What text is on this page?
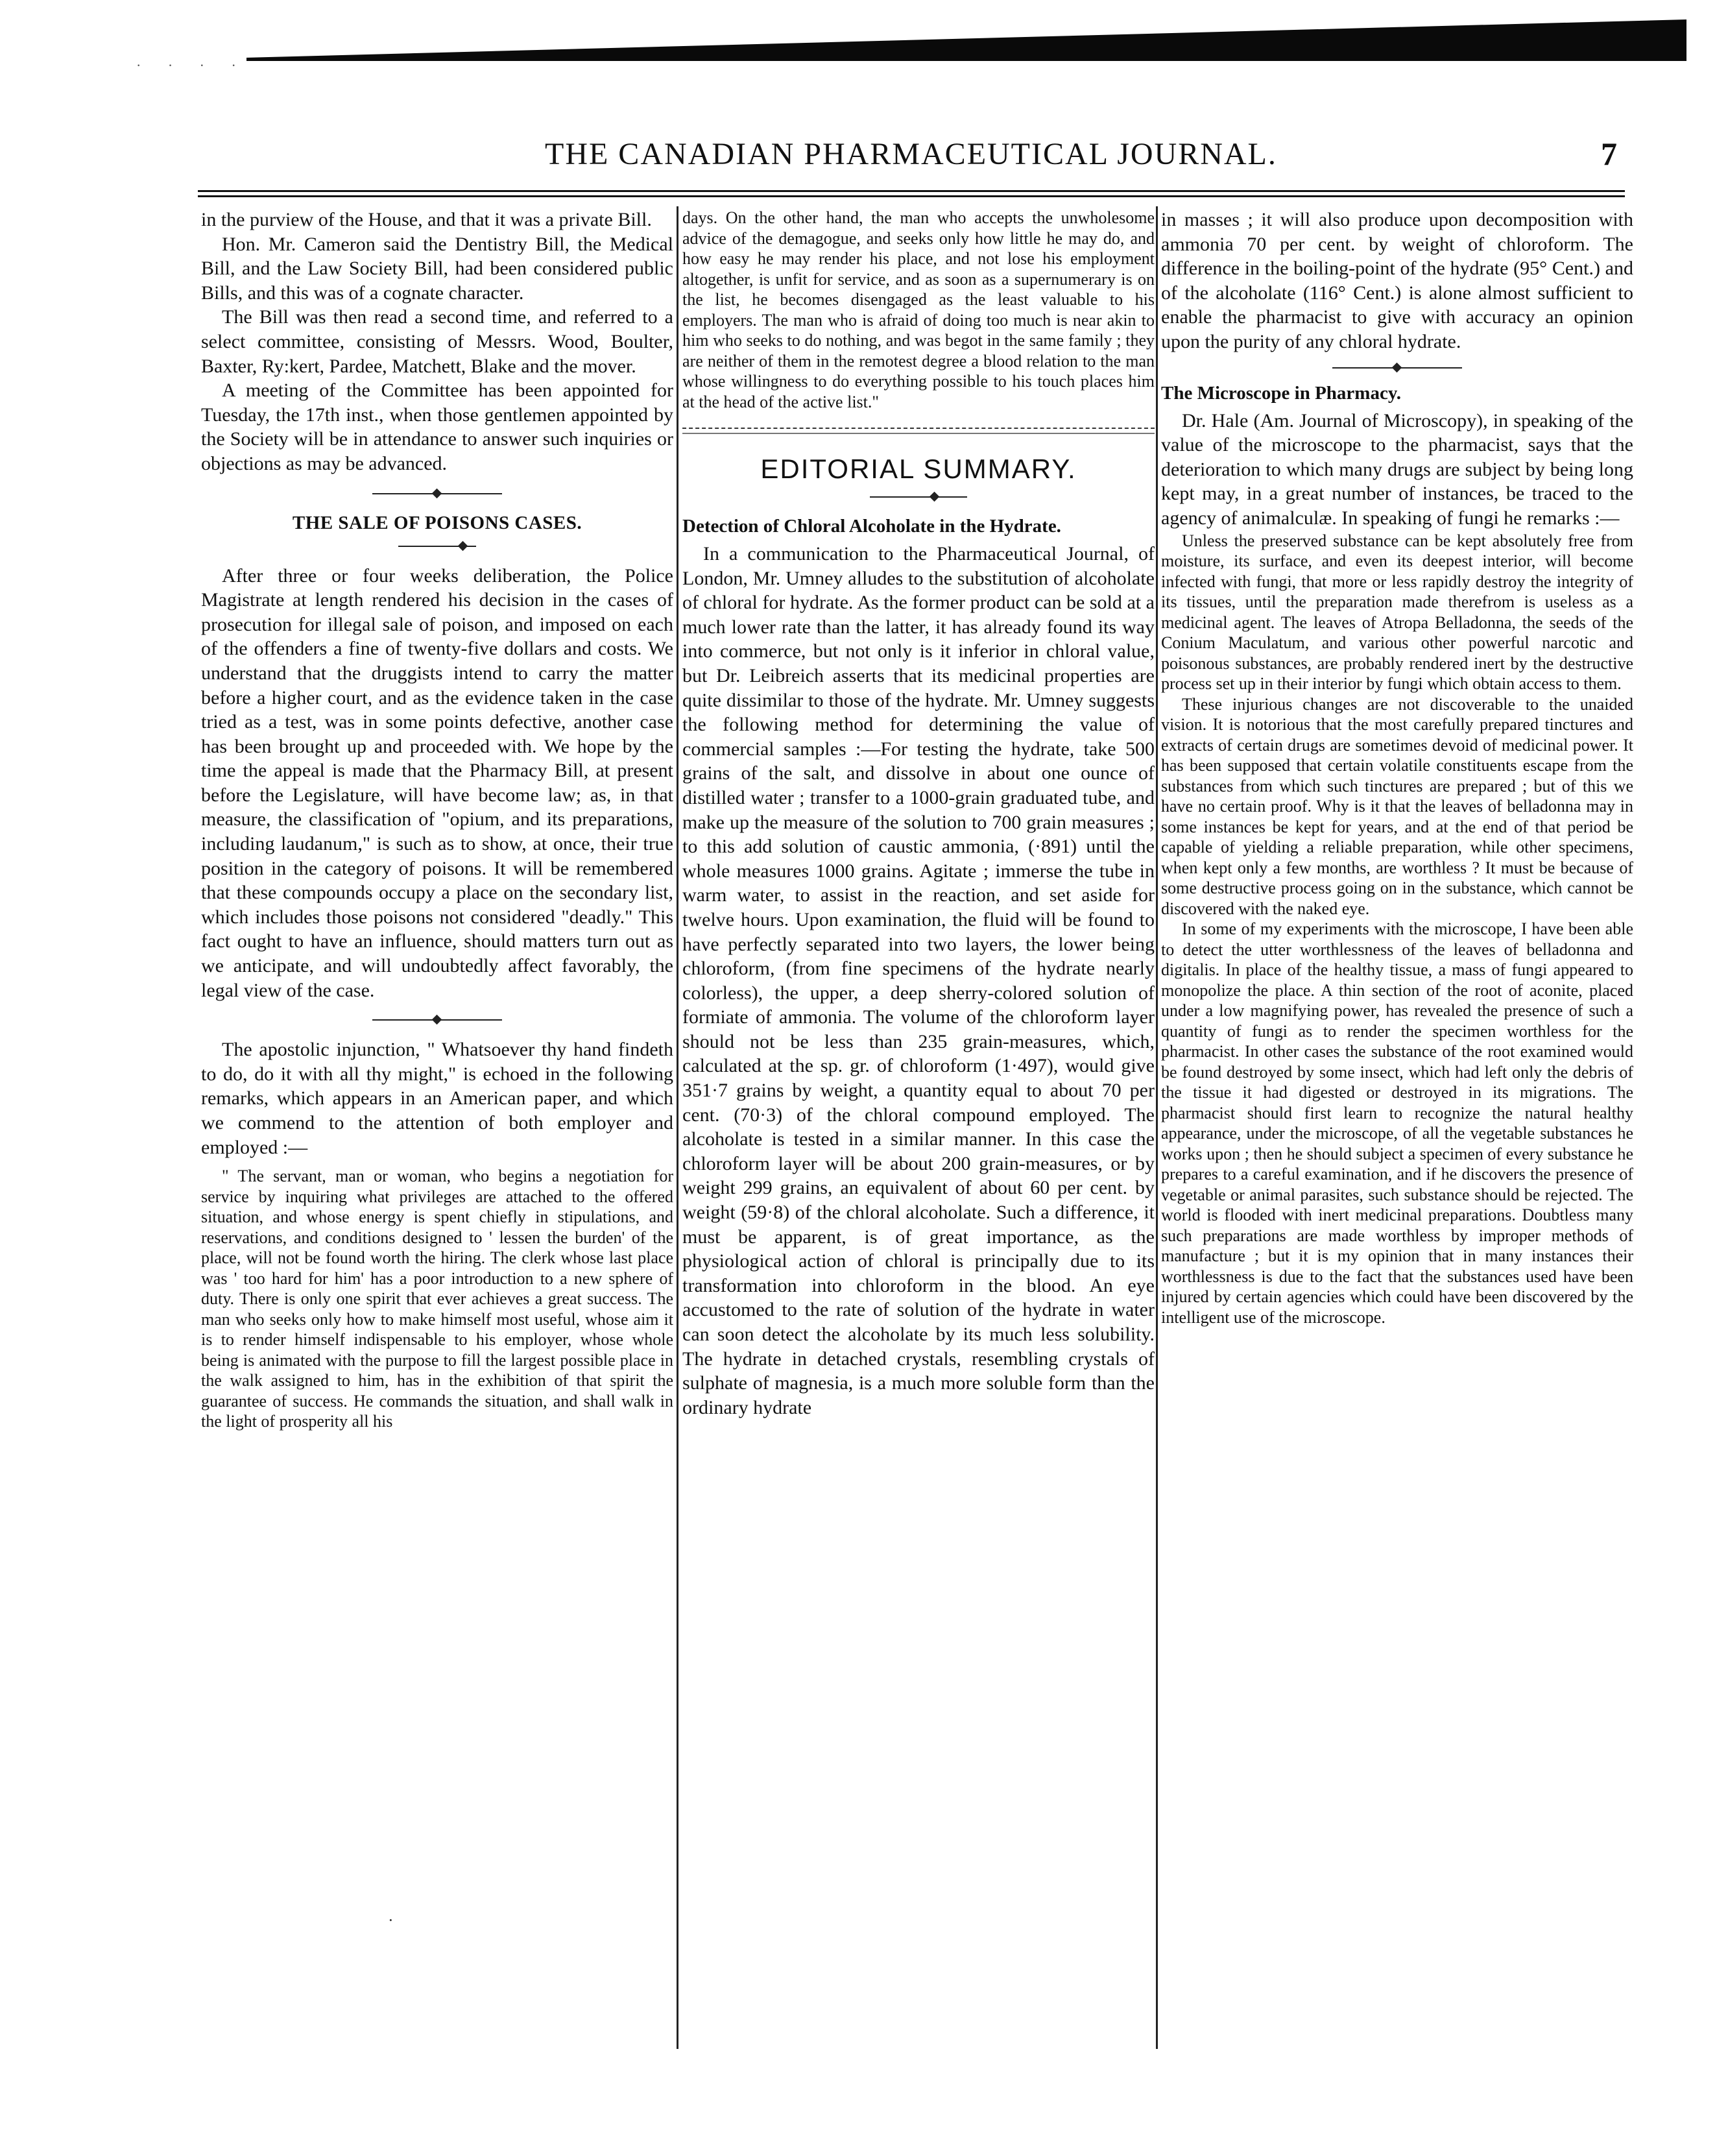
· · · ·
THE CANADIAN PHARMACEUTICAL JOURNAL.	7

in the purview of the House, and that it was a private Bill.

Hon. Mr. Cameron said the Dentistry Bill, the Medical Bill, and the Law Society Bill, had been considered public Bills, and this was of a cognate character.

The Bill was then read a second time, and referred to a select committee, consisting of Messrs. Wood, Boulter, Baxter, Ry:kert, Pardee, Matchett, Blake and the mover.

A meeting of the Committee has been appointed for Tuesday, the 17th inst., when those gentlemen appointed by the Society will be in attendance to answer such inquiries or objections as may be advanced.

THE SALE OF POISONS CASES.

After three or four weeks deliberation, the Police Magistrate at length rendered his decision in the cases of prosecution for illegal sale of poison, and imposed on each of the offenders a fine of twenty-five dollars and costs. We understand that the druggists intend to carry the matter before a higher court, and as the evidence taken in the case tried as a test, was in some points defective, another case has been brought up and proceeded with. We hope by the time the appeal is made that the Pharmacy Bill, at present before the Legislature, will have become law; as, in that measure, the classification of "opium, and its preparations, including laudanum," is such as to show, at once, their true position in the category of poisons. It will be remembered that these compounds occupy a place on the secondary list, which includes those poisons not considered "deadly." This fact ought to have an influence, should matters turn out as we anticipate, and will undoubtedly affect favorably, the legal view of the case.

The apostolic injunction, " Whatsoever thy hand findeth to do, do it with all thy might," is echoed in the following remarks, which appears in an American paper, and which we commend to the attention of both employer and employed :—

" The servant, man or woman, who begins a negotiation for service by inquiring what privileges are attached to the offered situation, and whose energy is spent chiefly in stipulations, and reservations, and conditions designed to ' lessen the burden' of the place, will not be found worth the hiring. The clerk whose last place was ' too hard for him' has a poor introduction to a new sphere of duty. There is only one spirit that ever achieves a great success. The man who seeks only how to make himself most useful, whose aim it is to render himself indispensable to his employer, whose whole being is animated with the purpose to fill the largest possible place in the walk assigned to him, has in the exhibition of that spirit the guarantee of success. He commands the situation, and shall walk in the light of prosperity all his

days. On the other hand, the man who accepts the unwholesome advice of the demagogue, and seeks only how little he may do, and how easy he may render his place, and not lose his employment altogether, is unfit for service, and as soon as a supernumerary is on the list, he becomes disengaged as the least valuable to his employers. The man who is afraid of doing too much is near akin to him who seeks to do nothing, and was begot in the same family ; they are neither of them in the remotest degree a blood relation to the man whose willingness to do everything possible to his touch places him at the head of the active list."

EDITORIAL SUMMARY.
Detection of Chloral Alcoholate in the Hydrate.

In a communication to the Pharmaceutical Journal, of London, Mr. Umney alludes to the substitution of alcoholate of chloral for hydrate. As the former product can be sold at a much lower rate than the latter, it has already found its way into commerce, but not only is it inferior in chloral value, but Dr. Leibreich asserts that its medicinal properties are quite dissimilar to those of the hydrate. Mr. Umney suggests the following method for determining the value of commercial samples :—For testing the hydrate, take 500 grains of the salt, and dissolve in about one ounce of distilled water ; transfer to a 1000-grain graduated tube, and make up the measure of the solution to 700 grain measures ; to this add solution of caustic ammonia, (·891) until the whole measures 1000 grains. Agitate ; immerse the tube in warm water, to assist in the reaction, and set aside for twelve hours. Upon examination, the fluid will be found to have perfectly separated into two layers, the lower being chloroform, (from fine specimens of the hydrate nearly colorless), the upper, a deep sherry-colored solution of formiate of ammonia. The volume of the chloroform layer should not be less than 235 grain-measures, which, calculated at the sp. gr. of chloroform (1·497), would give 351·7 grains by weight, a quantity equal to about 70 per cent. (70·3) of the chloral compound employed. The alcoholate is tested in a similar manner. In this case the chloroform layer will be about 200 grain-measures, or by weight 299 grains, an equivalent of about 60 per cent. by weight (59·8) of the chloral alcoholate. Such a difference, it must be apparent, is of great importance, as the physiological action of chloral is principally due to its transformation into chloroform in the blood. An eye accustomed to the rate of solution of the hydrate in water can soon detect the alcoholate by its much less solubility. The hydrate in detached crystals, resembling crystals of sulphate of magnesia, is a much more soluble form than the ordinary hydrate

in masses ; it will also produce upon decomposition with ammonia 70 per cent. by weight of chloroform. The difference in the boiling-point of the hydrate (95° Cent.) and of the alcoholate (116° Cent.) is alone almost sufficient to enable the pharmacist to give with accuracy an opinion upon the purity of any chloral hydrate.

The Microscope in Pharmacy.

Dr. Hale (Am. Journal of Microscopy), in speaking of the value of the microscope to the pharmacist, says that the deterioration to which many drugs are subject by being long kept may, in a great number of instances, be traced to the agency of animalculæ. In speaking of fungi he remarks :—

Unless the preserved substance can be kept absolutely free from moisture, its surface, and even its deepest interior, will become infected with fungi, that more or less rapidly destroy the integrity of its tissues, until the preparation made therefrom is useless as a medicinal agent. The leaves of Atropa Belladonna, the seeds of the Conium Maculatum, and various other powerful narcotic and poisonous substances, are probably rendered inert by the destructive process set up in their interior by fungi which obtain access to them.

These injurious changes are not discoverable to the unaided vision. It is notorious that the most carefully prepared tinctures and extracts of certain drugs are sometimes devoid of medicinal power. It has been supposed that certain volatile constituents escape from the substances from which such tinctures are prepared ; but of this we have no certain proof. Why is it that the leaves of belladonna may in some instances be kept for years, and at the end of that period be capable of yielding a reliable preparation, while other specimens, when kept only a few months, are worthless ? It must be because of some destructive process going on in the substance, which cannot be discovered with the naked eye.

In some of my experiments with the microscope, I have been able to detect the utter worthlessness of the leaves of belladonna and digitalis. In place of the healthy tissue, a mass of fungi appeared to monopolize the place. A thin section of the root of aconite, placed under a low magnifying power, has revealed the presence of such a quantity of fungi as to render the specimen worthless for the pharmacist. In other cases the substance of the root examined would be found destroyed by some insect, which had left only the debris of the tissue it had digested or destroyed in its migrations. The pharmacist should first learn to recognize the natural healthy appearance, under the microscope, of all the vegetable substances he works upon ; then he should subject a specimen of every substance he prepares to a careful examination, and if he discovers the presence of vegetable or animal parasites, such substance should be rejected. The world is flooded with inert medicinal preparations. Doubtless many such preparations are made worthless by improper methods of manufacture ; but it is my opinion that in many instances their worthlessness is due to the fact that the substances used have been injured by certain agencies which could have been discovered by the intelligent use of the microscope.

·
